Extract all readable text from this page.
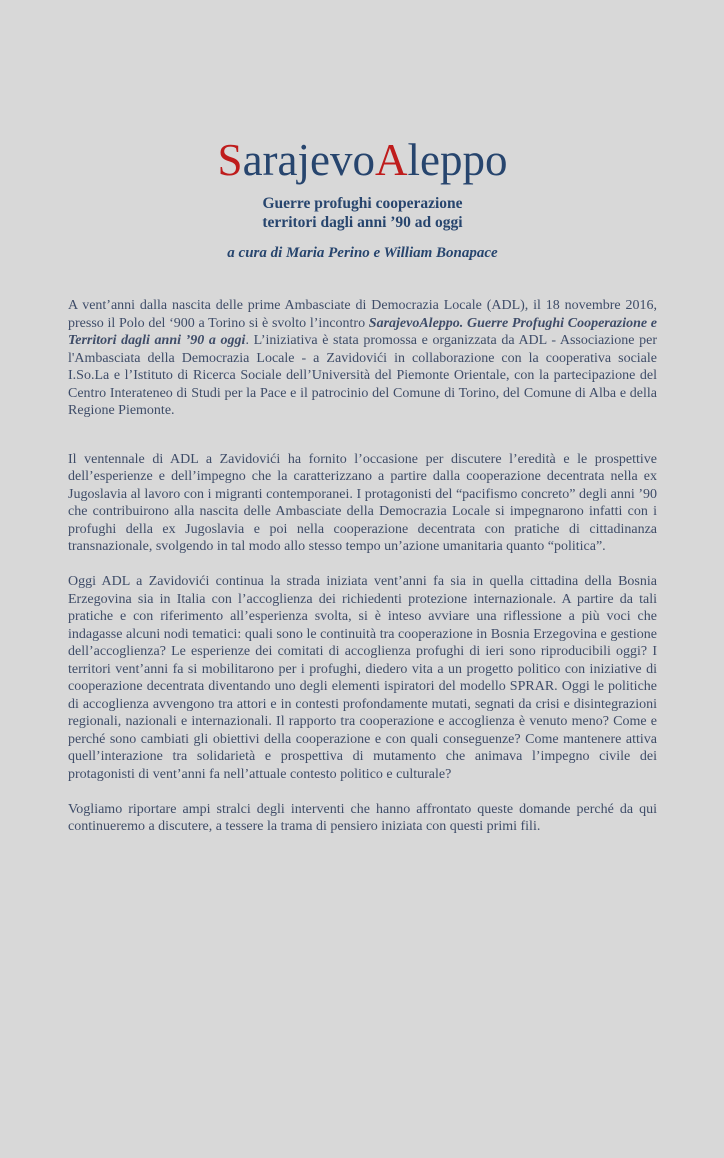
SarajevoAleppo
Guerre profughi cooperazione
territori dagli anni ’90 ad oggi
a cura di Maria Perino e William Bonapace

A vent’anni dalla nascita delle prime Ambasciate di Democrazia Locale (ADL), il 18 novembre 2016, presso il Polo del ‘900 a Torino si è svolto l’incontro SarajevoAleppo. Guerre Profughi Cooperazione e Territori dagli anni ’90 a oggi. L’iniziativa è stata promossa e organizzata da ADL - Associazione per l'Ambasciata della Democrazia Locale - a Zavidovići in collaborazione con la cooperativa sociale I.So.La e l’Istituto di Ricerca Sociale dell’Università del Piemonte Orientale, con la partecipazione del Centro Interateneo di Studi per la Pace e il patrocinio del Comune di Torino, del Comune di Alba e della Regione Piemonte.

Il ventennale di ADL a Zavidovići ha fornito l’occasione per discutere l’eredità e le prospettive dell’esperienze e dell’impegno che la caratterizzano a partire dalla cooperazione decentrata nella ex Jugoslavia al lavoro con i migranti contemporanei. I protagonisti del “pacifismo concreto” degli anni ’90 che contribuirono alla nascita delle Ambasciate della Democrazia Locale si impegnarono infatti con i profughi della ex Jugoslavia e poi nella cooperazione decentrata con pratiche di cittadinanza transnazionale, svolgendo in tal modo allo stesso tempo un’azione umanitaria quanto “politica”.

Oggi ADL a Zavidovići continua la strada iniziata vent’anni fa sia in quella cittadina della Bosnia Erzegovina sia in Italia con l’accoglienza dei richiedenti protezione internazionale. A partire da tali pratiche e con riferimento all’esperienza svolta, si è inteso avviare una riflessione a più voci che indagasse alcuni nodi tematici: quali sono le continuità tra cooperazione in Bosnia Erzegovina e gestione dell’accoglienza? Le esperienze dei comitati di accoglienza profughi di ieri sono riproducibili oggi? I territori vent’anni fa si mobilitarono per i profughi, diedero vita a un progetto politico con iniziative di cooperazione decentrata diventando uno degli elementi ispiratori del modello SPRAR. Oggi le politiche di accoglienza avvengono tra attori e in contesti profondamente mutati, segnati da crisi e disintegrazioni regionali, nazionali e internazionali. Il rapporto tra cooperazione e accoglienza è venuto meno? Come e perché sono cambiati gli obiettivi della cooperazione e con quali conseguenze? Come mantenere attiva quell’interazione tra solidarietà e prospettiva di mutamento che animava l’impegno civile dei protagonisti di vent’anni fa nell’attuale contesto politico e culturale?

Vogliamo riportare ampi stralci degli interventi che hanno affrontato queste domande perché da qui continueremo a discutere, a tessere la trama di pensiero iniziata con questi primi fili.
